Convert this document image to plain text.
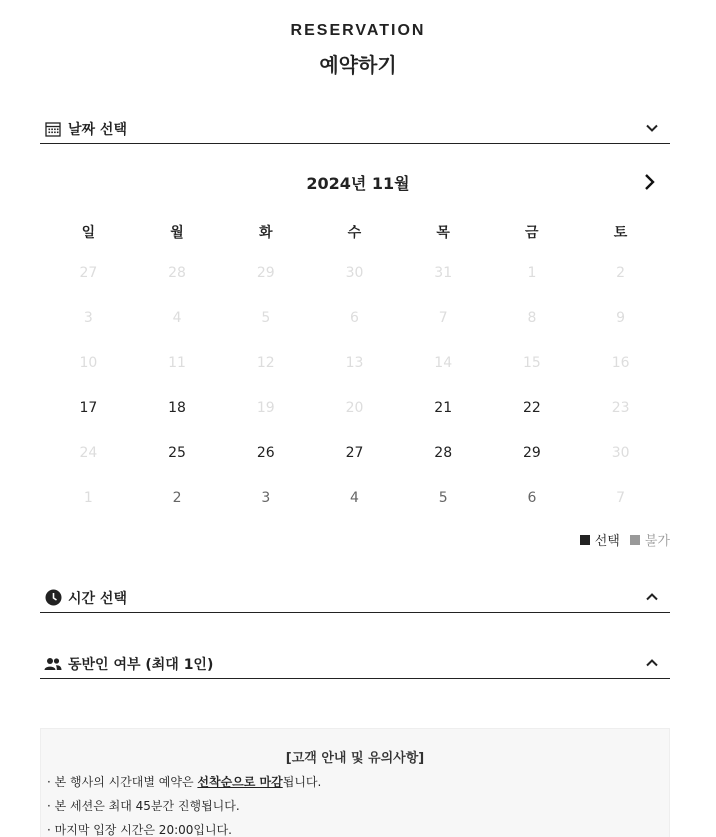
RESERVATION
예약하기
날짜 선택
2024년 11월
일	월	화	수	목	금	토
27	28	29	30	31	1	2
3	4	5	6	7	8	9
10	11	12	13	14	15	16
17	18	19	20	21	22	23
24	25	26	27	28	29	30
1	2	3	4	5	6	7
선택 불가
시간 선택
동반인 여부 (최대 1인)
[고객 안내 및 유의사항]
· 본 행사의 시간대별 예약은 선착순으로 마감됩니다.
· 본 세션은 최대 45분간 진행됩니다.
· 마지막 입장 시간은 20:00입니다.
